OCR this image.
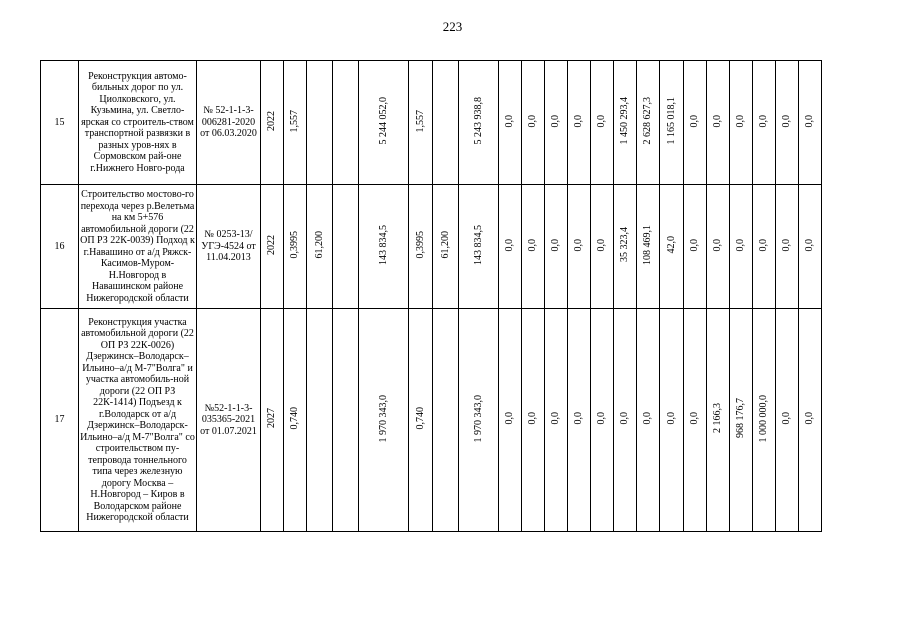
223
15	Реконструкция автомо-бильных дорог по ул. Циолковского, ул. Кузьмина, ул. Светло-ярская со строитель-ством транспортной развязки в разных уров-нях в Сормовском рай-оне г.Нижнего Новго-рода	№ 52-1-1-3-006281-2020 от 06.03.2020	2022	1,557			5 244 052,0	1,557		5 243 938,8	0,0	0,0	0,0	0,0	0,0	1 450 293,4	2 628 627,3	1 165 018,1	0,0	0,0	0,0	0,0	0,0	0,0
16	Строительство мостово-го перехода через р.Велетьма на км 5+576 автомобильной дороги (22 ОП РЗ 22К-0039) Подход к г.Навашино от а/д Ряжск-Касимов-Муром-Н.Новгород в Навашинском районе Нижегородской области	№ 0253-13/УГЭ-4524 от 11.04.2013	2022	0,3995	61,200		143 834,5	0,3995	61,200	143 834,5	0,0	0,0	0,0	0,0	0,0	35 323,4	108 469,1	42,0	0,0	0,0	0,0	0,0	0,0	0,0
17	Реконструкция участка автомобильной дороги (22 ОП РЗ 22К-0026) Дзержинск–Володарск–Ильино–а/д М-7"Волга" и участка автомобиль-ной дороги (22 ОП РЗ 22К-1414) Подъезд к г.Володарск от а/д Дзержинск–Володарск-Ильино–а/д М-7"Волга" со строительством пу-тепровода тоннельного типа через железную дорогу Москва – Н.Новгород – Киров в Володарском районе Нижегородской области	№52-1-1-3-035365-2021 от 01.07.2021	2027	0,740			1 970 343,0	0,740		1 970 343,0	0,0	0,0	0,0	0,0	0,0	0,0	0,0	0,0	0,0	2 166,3	968 176,7	1 000 000,0	0,0	0,0
